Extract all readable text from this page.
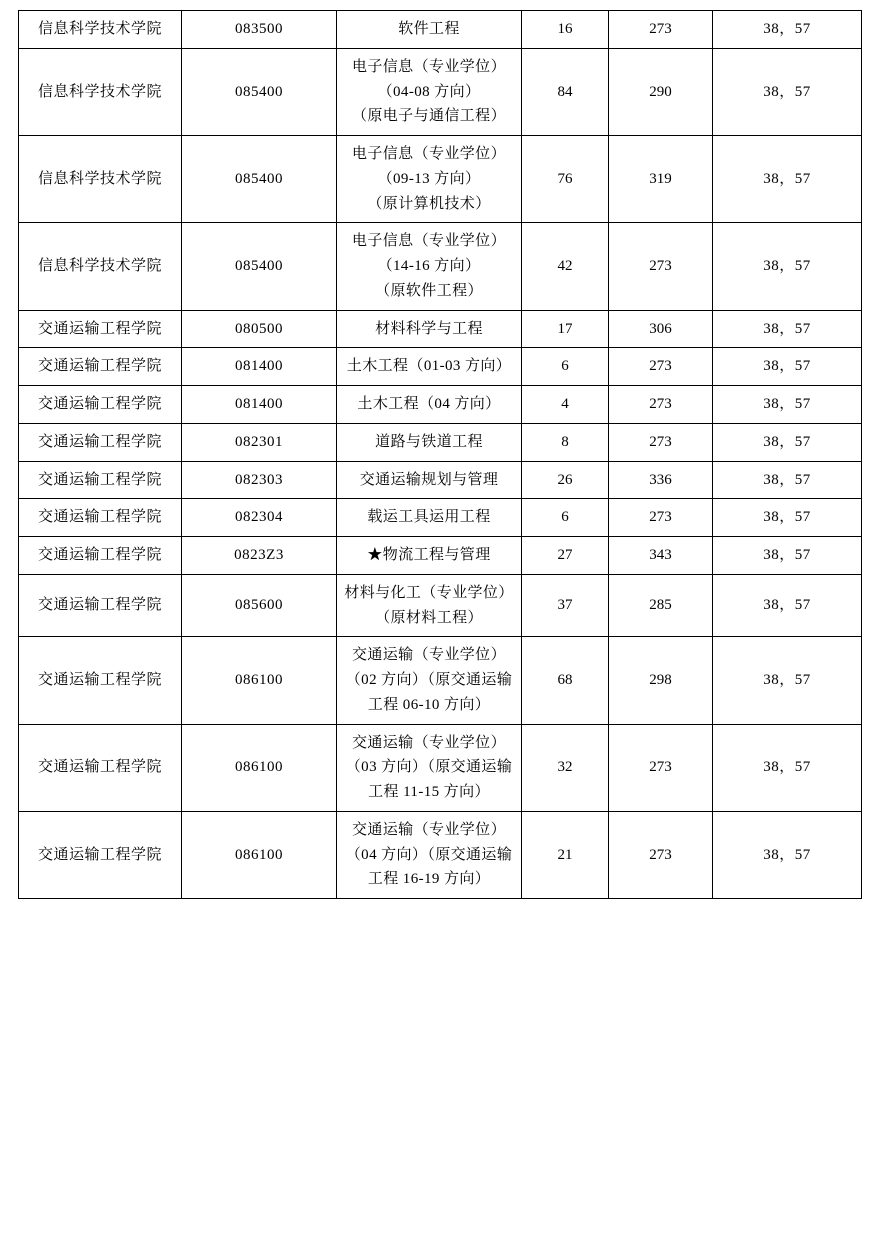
信息科学技术学院	083500	软件工程	16	273	38，57
信息科学技术学院	085400	电子信息（专业学位）
（04-08 方向）
（原电子与通信工程）	84	290	38，57
信息科学技术学院	085400	电子信息（专业学位）
（09-13 方向）
（原计算机技术）	76	319	38，57
信息科学技术学院	085400	电子信息（专业学位）
（14-16 方向）
（原软件工程）	42	273	38，57
交通运输工程学院	080500	材料科学与工程	17	306	38，57
交通运输工程学院	081400	土木工程（01-03 方向）	6	273	38，57
交通运输工程学院	081400	土木工程（04 方向）	4	273	38，57
交通运输工程学院	082301	道路与铁道工程	8	273	38，57
交通运输工程学院	082303	交通运输规划与管理	26	336	38，57
交通运输工程学院	082304	载运工具运用工程	6	273	38，57
交通运输工程学院	0823Z3	★物流工程与管理	27	343	38，57
交通运输工程学院	085600	材料与化工（专业学位）
（原材料工程）	37	285	38，57
交通运输工程学院	086100	交通运输（专业学位）（02 方向）（原交通运输工程 06-10 方向）	68	298	38，57
交通运输工程学院	086100	交通运输（专业学位）（03 方向）（原交通运输工程 11-15 方向）	32	273	38，57
交通运输工程学院	086100	交通运输（专业学位）（04 方向）（原交通运输工程 16-19 方向）	21	273	38，57
